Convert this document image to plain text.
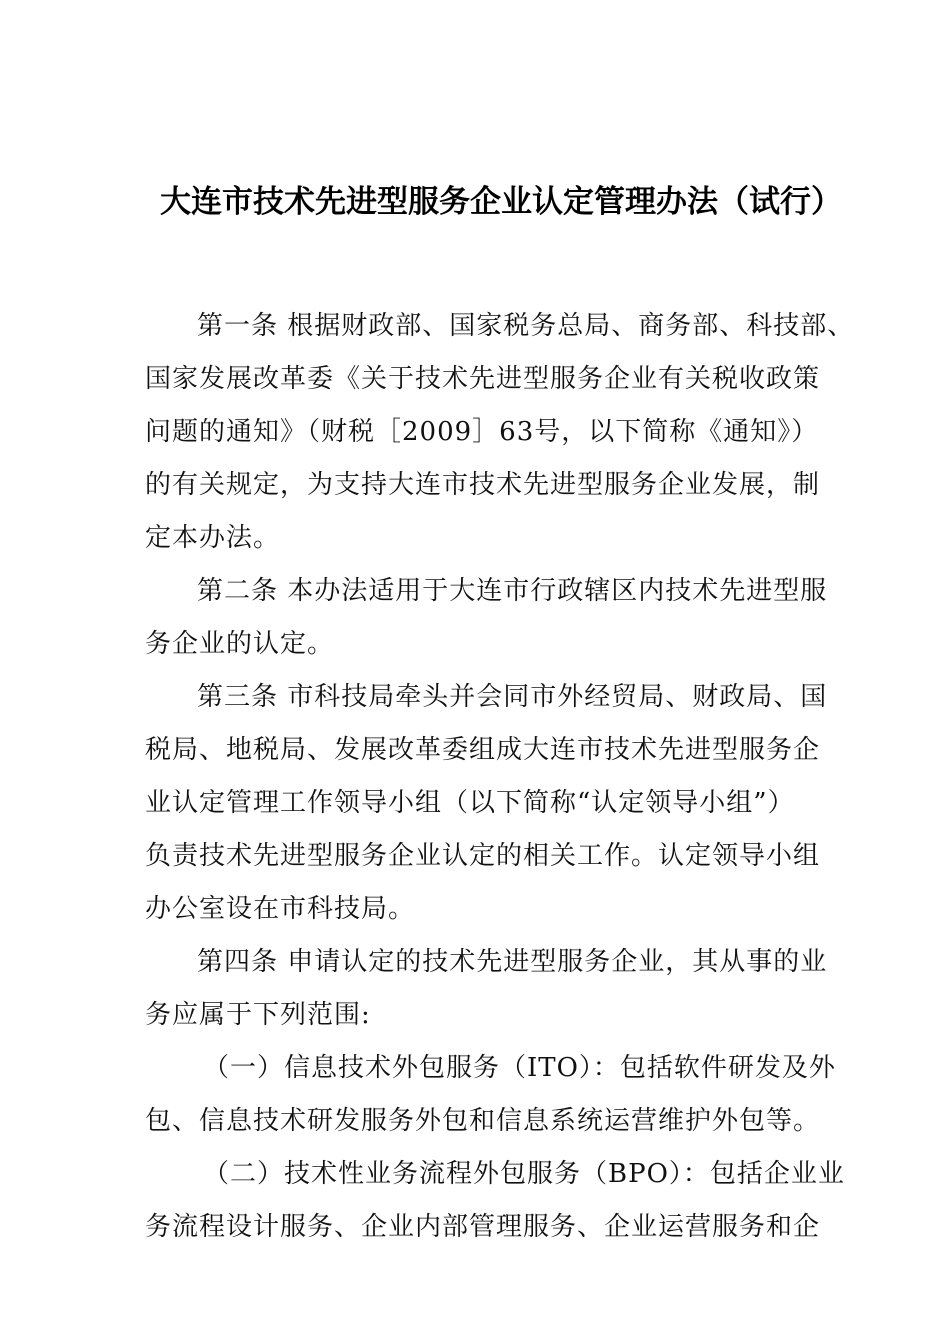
大连市技术先进型服务企业认定管理办法（试行）
第一条 根据财政部、国家税务总局、商务部、科技部、
国家发展改革委《关于技术先进型服务企业有关税收政策
问题的通知》（财税［2009］63号，以下简称《通知》）
的有关规定，为支持大连市技术先进型服务企业发展，制
定本办法。
第二条 本办法适用于大连市行政辖区内技术先进型服
务企业的认定。
第三条 市科技局牵头并会同市外经贸局、财政局、国
税局、地税局、发展改革委组成大连市技术先进型服务企
业认定管理工作领导小组（以下简称“认定领导小组”）
负责技术先进型服务企业认定的相关工作。认定领导小组
办公室设在市科技局。
第四条 申请认定的技术先进型服务企业，其从事的业
务应属于下列范围:
（一）信息技术外包服务（ITO）：包括软件研发及外
包、信息技术研发服务外包和信息系统运营维护外包等。
（二）技术性业务流程外包服务（BPO）：包括企业业
务流程设计服务、企业内部管理服务、企业运营服务和企
